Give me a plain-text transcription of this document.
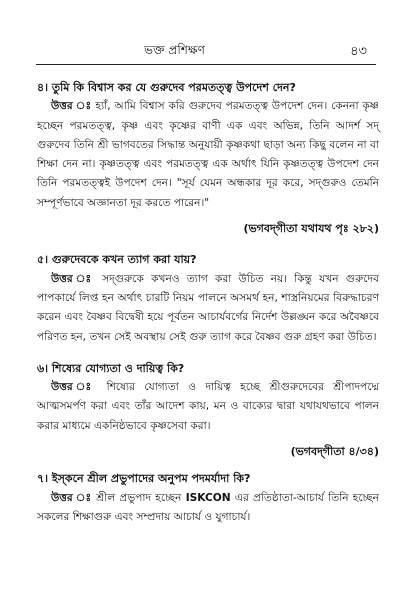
ভক্ত প্রশিক্ষণ	৪৩

৪। তুমি কি বিশ্বাস কর যে গুরুদেব পরমতত্ত্ব উপদেশ দেন?

উত্তর ঃ হ্যাঁ, আমি বিশ্বাস করি গুরুদেব পরমতত্ত্ব উপদেশ দেন। কেননা কৃষ্ণ হচ্ছেন পরমতত্ত্ব, কৃষ্ণ এবং কৃষ্ণের বাণী এক এবং অভিন্ন, তিনি আদর্শ সদ্‌ গুরুদেব তিনি শ্রী ভাগবতের সিদ্ধান্ত অনুযায়ী কৃষ্ণকথা ছাড়া অন্য কিছু বলেন না বা শিক্ষা দেন না। কৃষ্ণতত্ত্ব এবং পরমতত্ত্ব এক অর্থাৎ যিনি কৃষ্ণতত্ত্ব উপদেশ দেন তিনি পরমতত্ত্বই উপদেশ দেন। "সূর্য যেমন অন্ধকার দূর করে, সদ্‌গুরুও তেমনি সম্পূর্ণভাবে অজ্ঞানতা দূর করতে পারেন।"

(ভগবদ্‌গীতা যথাযথ পৃঃ ২৮২)

৫। গুরুদেবকে কখন ত্যাগ করা যায়?

উত্তর ঃ সদ্‌গুরুকে কখনও ত্যাগ করা উচিত নয়। কিন্তু যখন গুরুদেব পাপকার্যে লিপ্ত হন অর্থাৎ চারটি নিয়ম পালনে অসমর্থ হন, শাস্ত্রনিয়মের বিরুদ্ধাচরণ করেন এবং বৈষ্ণব বিদ্বেষী হয়ে পূর্বতন আচার্যবর্গের নির্দেশ উল্লঙ্ঘন করে অবৈষ্ণবে পরিণত হন, তখন সেই অবস্থায় সেই গুরু ত্যাগ করে বৈষ্ণব গুরু গ্রহণ করা উচিত।

৬। শিষ্যের যোগ্যতা ও দায়িত্ব কি?

উত্তর ঃ শিষ্যের যোগ্যতা ও দায়িত্ব হচ্ছে শ্রীগুরুদেবের শ্রীপাদপদ্মে আত্মসমর্পণ করা এবং তাঁর আদেশ কায়, মন ও বাক্যের দ্বারা যথাযথভাবে পালন করার মাধ্যমে একনিষ্ঠভাবে কৃষ্ণসেবা করা।

(ভগবদ্‌গীতা ৪/৩৪)

৭। ইস্‌কনে শ্রীল প্রভুপাদের অনুপম পদমর্যাদা কি?

উত্তর ঃ শ্রীল প্রভুপাদ হচ্ছেন ISKCON এর প্রতিষ্ঠাতা-আচার্য তিনি হচ্ছেন সকলের শিক্ষাগুরু এবং সম্প্রদায় আচার্য ও যুগাচার্য।
